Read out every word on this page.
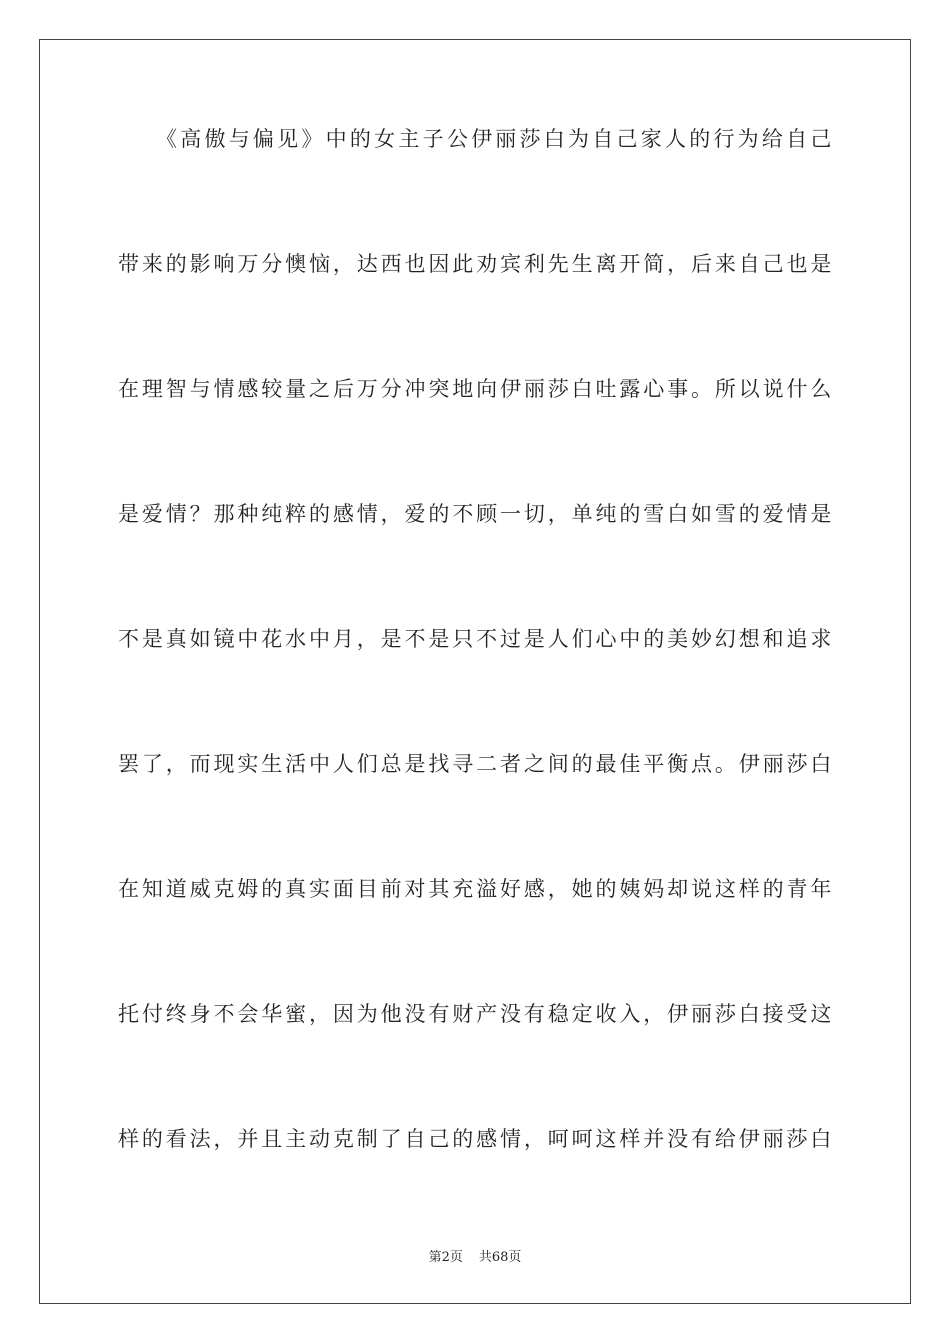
　　《高傲与偏见》中的女主子公伊丽莎白为自己家人的行为给自己
带来的影响万分懊恼，达西也因此劝宾利先生离开简，后来自己也是
在理智与情感较量之后万分冲突地向伊丽莎白吐露心事。所以说什么
是爱情？那种纯粹的感情，爱的不顾一切，单纯的雪白如雪的爱情是
不是真如镜中花水中月，是不是只不过是人们心中的美妙幻想和追求
罢了，而现实生活中人们总是找寻二者之间的最佳平衡点。伊丽莎白
在知道威克姆的真实面目前对其充溢好感，她的姨妈却说这样的青年
托付终身不会华蜜，因为他没有财产没有稳定收入，伊丽莎白接受这
样的看法，并且主动克制了自己的感情，呵呵这样并没有给伊丽莎白
第2页 共68页
